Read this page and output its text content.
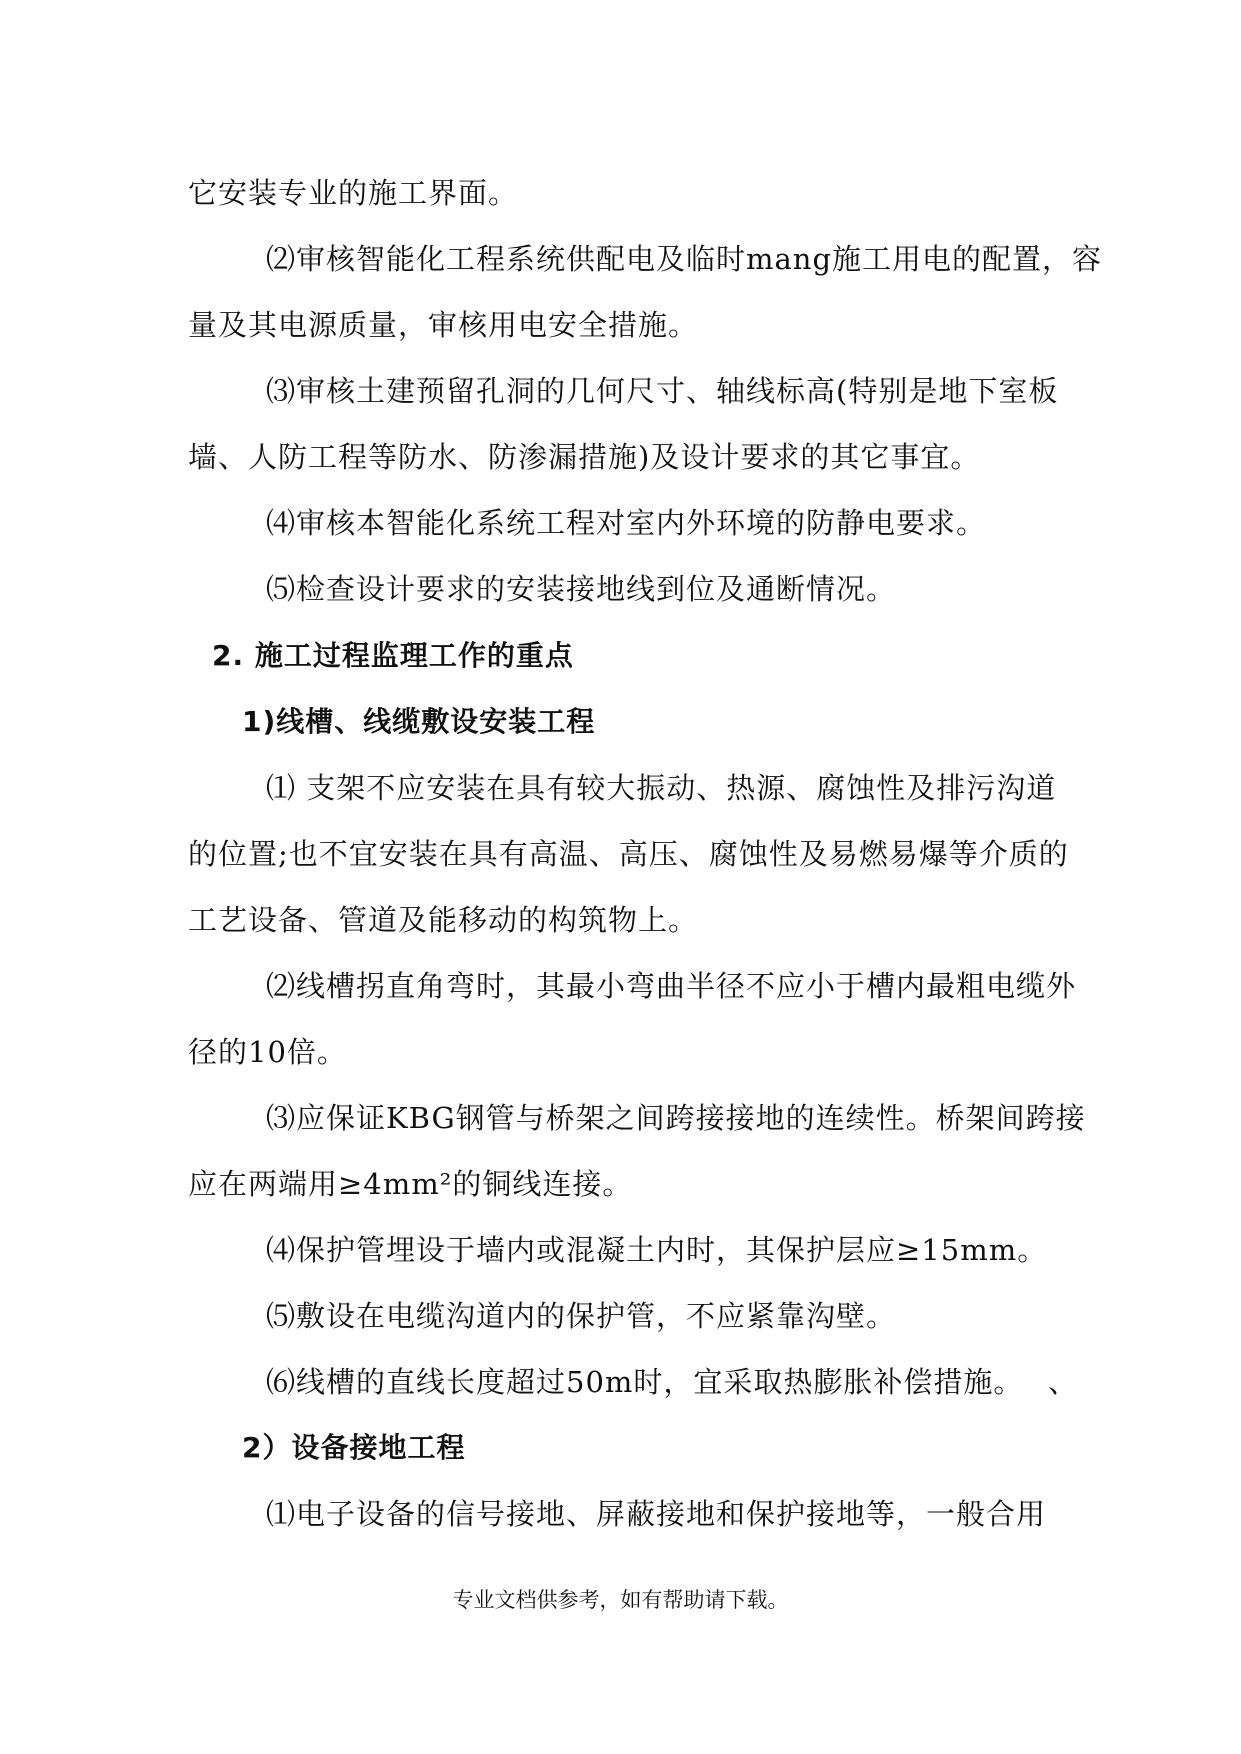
它安装专业的施工界面。
⑵审核智能化工程系统供配电及临时mang施工用电的配置，容
量及其电源质量，审核用电安全措施。
⑶审核土建预留孔洞的几何尺寸、轴线标高(特别是地下室板
墙、人防工程等防水、防渗漏措施)及设计要求的其它事宜。
⑷审核本智能化系统工程对室内外环境的防静电要求。
⑸检查设计要求的安装接地线到位及通断情况。
2. 施工过程监理工作的重点
1)线槽、线缆敷设安装工程
⑴ 支架不应安装在具有较大振动、热源、腐蚀性及排污沟道
的位置;也不宜安装在具有高温、高压、腐蚀性及易燃易爆等介质的
工艺设备、管道及能移动的构筑物上。
⑵线槽拐直角弯时，其最小弯曲半径不应小于槽内最粗电缆外
径的10倍。
⑶应保证KBG钢管与桥架之间跨接接地的连续性。桥架间跨接
应在两端用≥4mm²的铜线连接。
⑷保护管埋设于墙内或混凝土内时，其保护层应≥15mm。
⑸敷设在电缆沟道内的保护管，不应紧靠沟壁。
⑹线槽的直线长度超过50m时，宜采取热膨胀补偿措施。 、
2）设备接地工程
⑴电子设备的信号接地、屏蔽接地和保护接地等，一般合用
专业文档供参考，如有帮助请下载。
